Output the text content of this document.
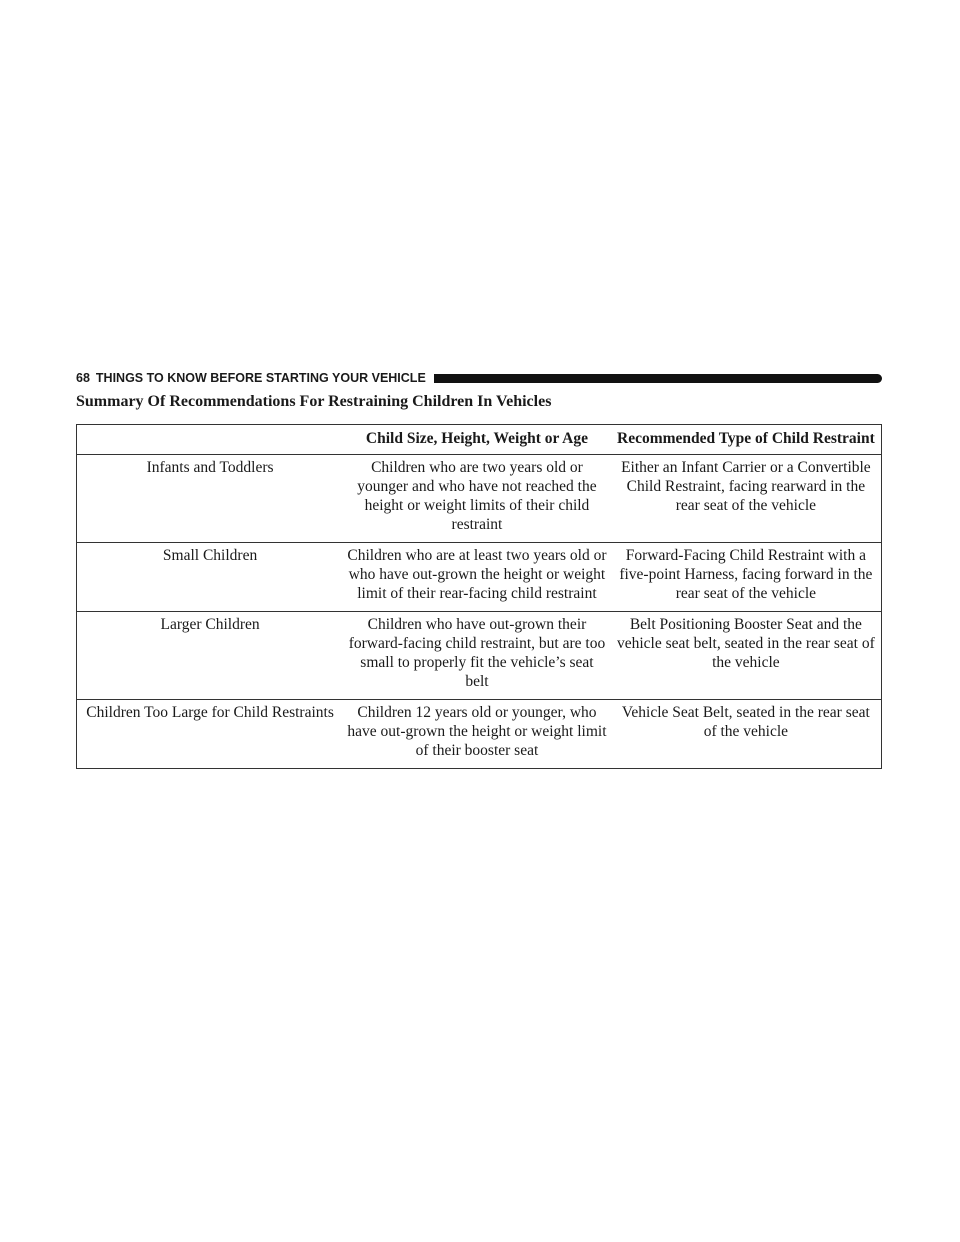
68 THINGS TO KNOW BEFORE STARTING YOUR VEHICLE
Summary Of Recommendations For Restraining Children In Vehicles
	Child Size, Height, Weight or Age	Recommended Type of Child Restraint
Infants and Toddlers	Children who are two years old or younger and who have not reached the height or weight limits of their child restraint	Either an Infant Carrier or a Convertible Child Restraint, facing rearward in the rear seat of the vehicle
Small Children	Children who are at least two years old or who have out-grown the height or weight limit of their rear-facing child restraint	Forward-Facing Child Restraint with a five-point Harness, facing forward in the rear seat of the vehicle
Larger Children	Children who have out-grown their forward-facing child restraint, but are too small to properly fit the vehicle’s seat belt	Belt Positioning Booster Seat and the vehicle seat belt, seated in the rear seat of the vehicle
Children Too Large for Child Restraints	Children 12 years old or younger, who have out-grown the height or weight limit of their booster seat	Vehicle Seat Belt, seated in the rear seat of the vehicle
